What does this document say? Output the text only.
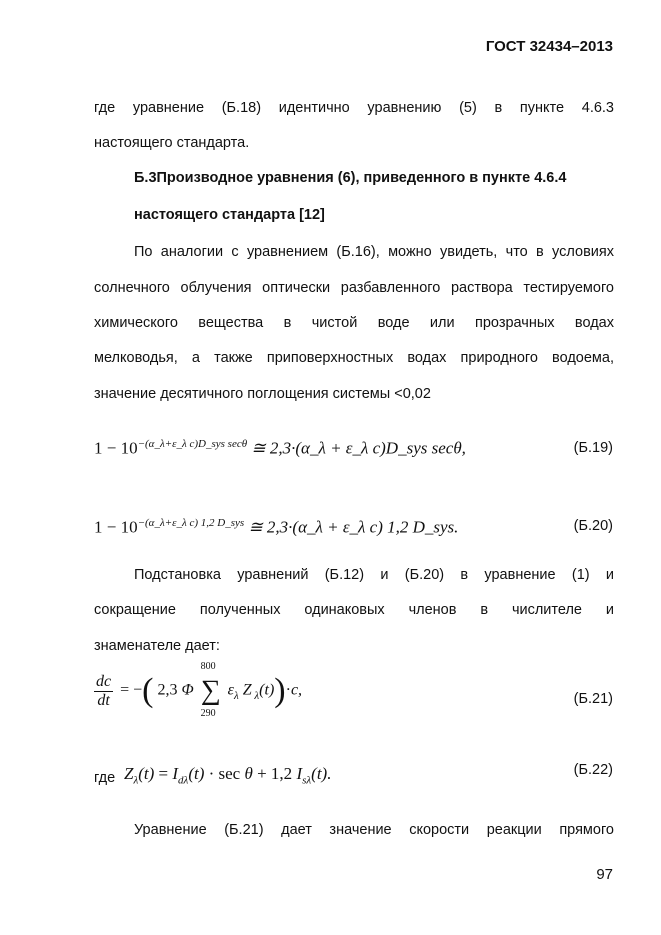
ГОСТ 32434–2013
где уравнение (Б.18) идентично уравнению (5) в пункте 4.6.3
настоящего стандарта.
Б.3Производное уравнения (6), приведенного в пункте 4.6.4
настоящего стандарта [12]
По аналогии с уравнением (Б.16), можно увидеть, что в условиях
солнечного облучения оптически разбавленного раствора тестируемого
химического вещества в чистой воде или прозрачных водах
мелководья, а также приповерхностных водах природного водоема,
значение десятичного поглощения системы <0,02
$1 - 10^{-(\alpha\_\lambda+\varepsilon\_\lambda c)D\_sys sec\theta}$ ≅ 2,3·(α_λ + ε_λ c)D_sys secθ,	(Б.19)
$1 - 10^{-(\alpha\_\lambda+\varepsilon\_\lambda c) 1,2 D\_sys}$ ≅ 2,3·(α_λ + ε_λ c) 1,2 D_sys.	(Б.20)
Подстановка уравнений (Б.12) и (Б.20) в уравнение (1) и
сокращение полученных одинаковых членов в числителе и
знаменателе дает:
$\frac{dc}{dt}$ = −( 2,3 Φ ∑
800
290
$\varepsilon_\lambda$ Z $_\lambda$(t))·c,
(Б.21)
где $Z_\lambda(t) = I_{d\lambda}(t) \cdot \sec \theta + 1,2$ $I_{s\lambda}(t)$.	(Б.22)
Уравнение (Б.21) дает значение скорости реакции прямого
97
